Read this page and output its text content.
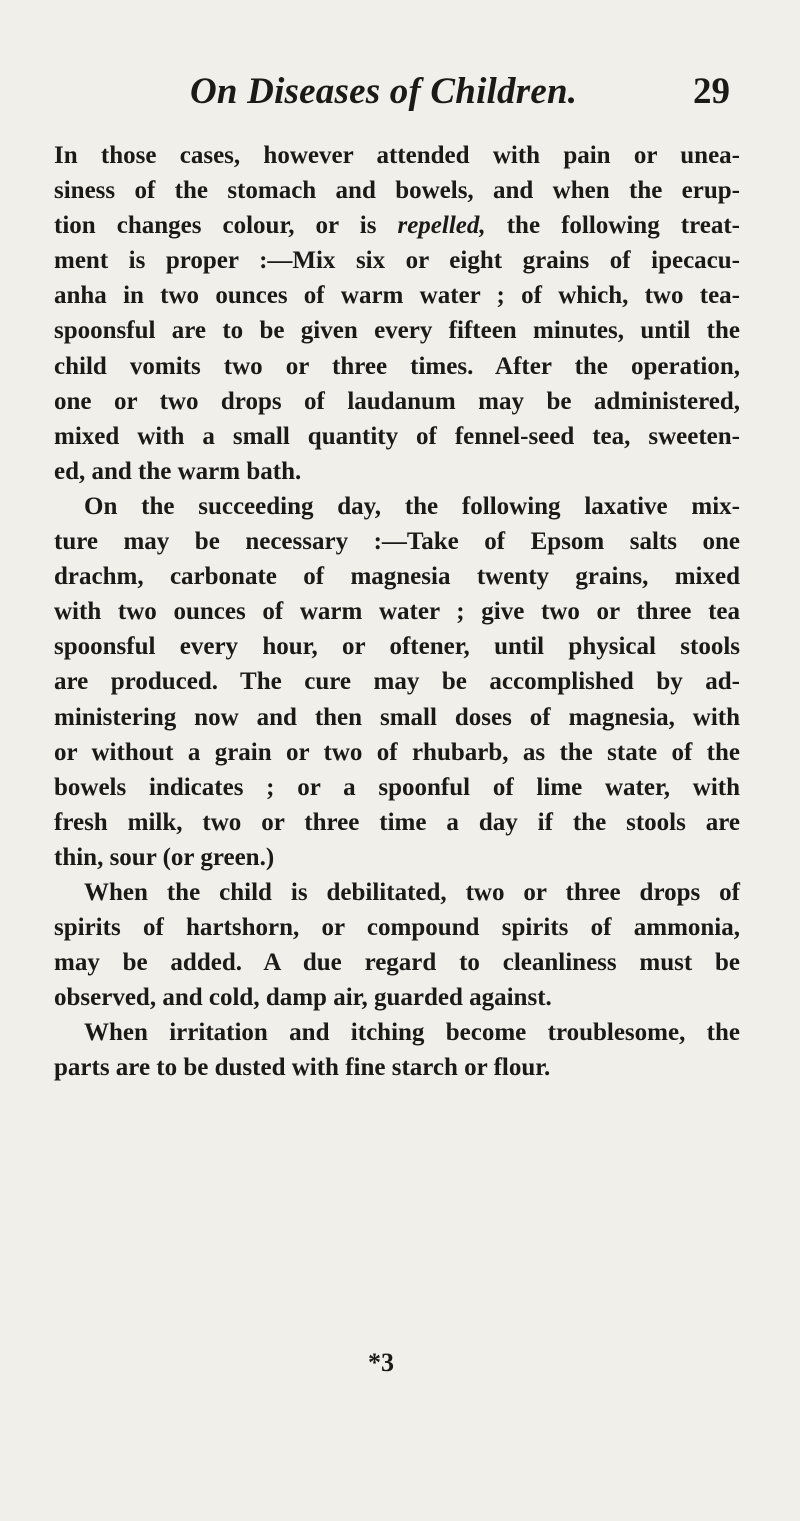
On Diseases of Children.	29
In those cases, however attended with pain or unea-
siness of the stomach and bowels, and when the erup-
tion changes colour, or is repelled, the following treat-
ment is proper :—Mix six or eight grains of ipecacu-
anha in two ounces of warm water ; of which, two tea-
spoonsful are to be given every fifteen minutes, until the
child vomits two or three times. After the operation,
one or two drops of laudanum may be administered,
mixed with a small quantity of fennel-seed tea, sweeten-
ed, and the warm bath.
On the succeeding day, the following laxative mix-
ture may be necessary :—Take of Epsom salts one
drachm, carbonate of magnesia twenty grains, mixed
with two ounces of warm water ; give two or three tea
spoonsful every hour, or oftener, until physical stools
are produced. The cure may be accomplished by ad-
ministering now and then small doses of magnesia, with
or without a grain or two of rhubarb, as the state of the
bowels indicates ; or a spoonful of lime water, with
fresh milk, two or three time a day if the stools are
thin, sour (or green.)
When the child is debilitated, two or three drops of
spirits of hartshorn, or compound spirits of ammonia,
may be added. A due regard to cleanliness must be
observed, and cold, damp air, guarded against.
When irritation and itching become troublesome, the
parts are to be dusted with fine starch or flour.
*3
